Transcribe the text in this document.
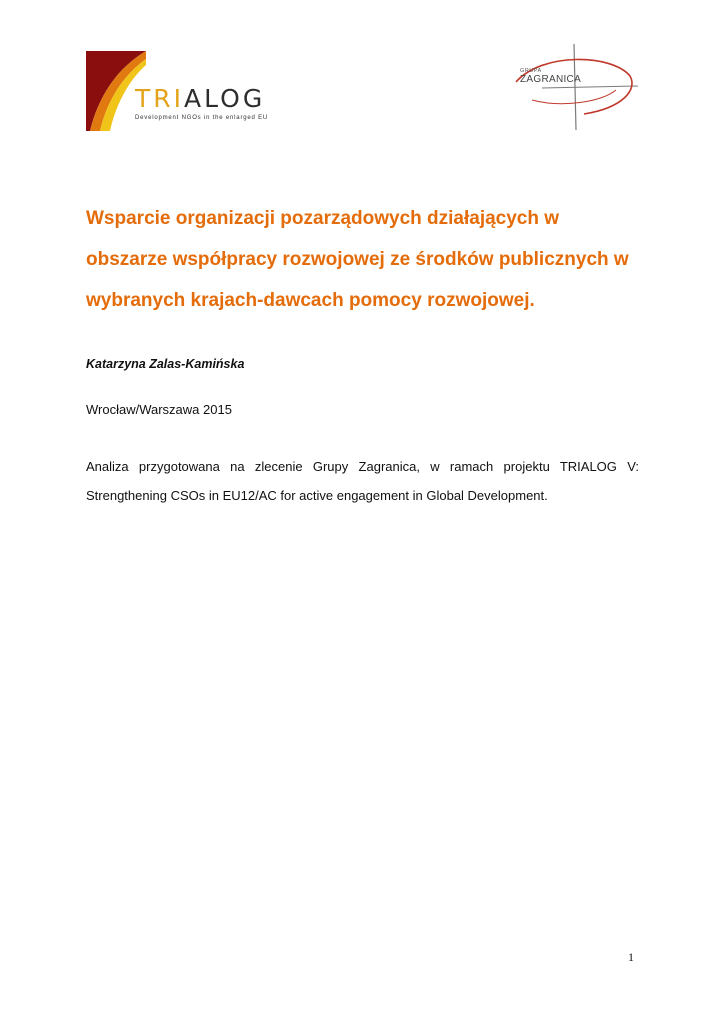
TRIALOG
Development NGOs in the enlarged EU
GRUPA
ZAGRANICA
Wsparcie organizacji pozarządowych działających w
obszarze współpracy rozwojowej ze środków publicznych w
wybranych krajach-dawcach pomocy rozwojowej.
Katarzyna Zalas-Kamińska
Wrocław/Warszawa 2015
Analiza przygotowana na zlecenie Grupy Zagranica, w ramach projektu TRIALOG V:
Strengthening CSOs in EU12/AC for active engagement in Global Development.
1
